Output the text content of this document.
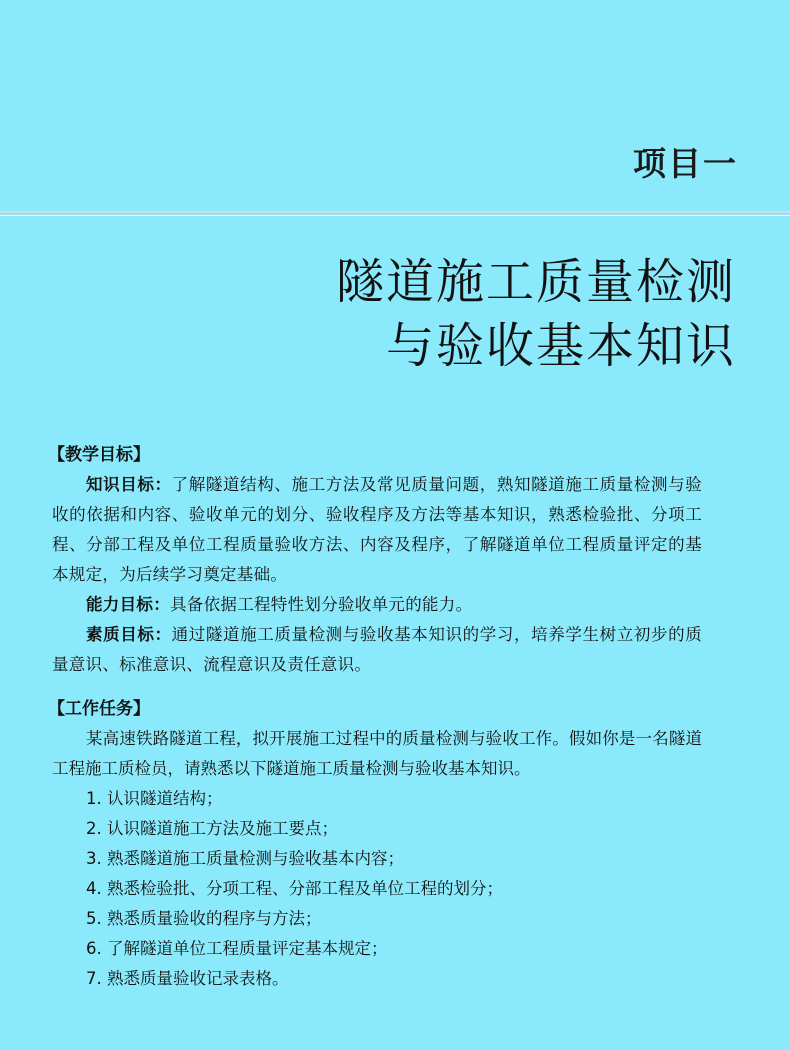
项目一
隧道施工质量检测
与验收基本知识
【教学目标】
知识目标：了解隧道结构、施工方法及常见质量问题，熟知隧道施工质量检测与验收的依据和内容、验收单元的划分、验收程序及方法等基本知识，熟悉检验批、分项工程、分部工程及单位工程质量验收方法、内容及程序，了解隧道单位工程质量评定的基本规定，为后续学习奠定基础。
能力目标：具备依据工程特性划分验收单元的能力。
素质目标：通过隧道施工质量检测与验收基本知识的学习，培养学生树立初步的质量意识、标准意识、流程意识及责任意识。
【工作任务】
某高速铁路隧道工程，拟开展施工过程中的质量检测与验收工作。假如你是一名隧道工程施工质检员，请熟悉以下隧道施工质量检测与验收基本知识。
1. 认识隧道结构；
2. 认识隧道施工方法及施工要点；
3. 熟悉隧道施工质量检测与验收基本内容；
4. 熟悉检验批、分项工程、分部工程及单位工程的划分；
5. 熟悉质量验收的程序与方法；
6. 了解隧道单位工程质量评定基本规定；
7. 熟悉质量验收记录表格。
